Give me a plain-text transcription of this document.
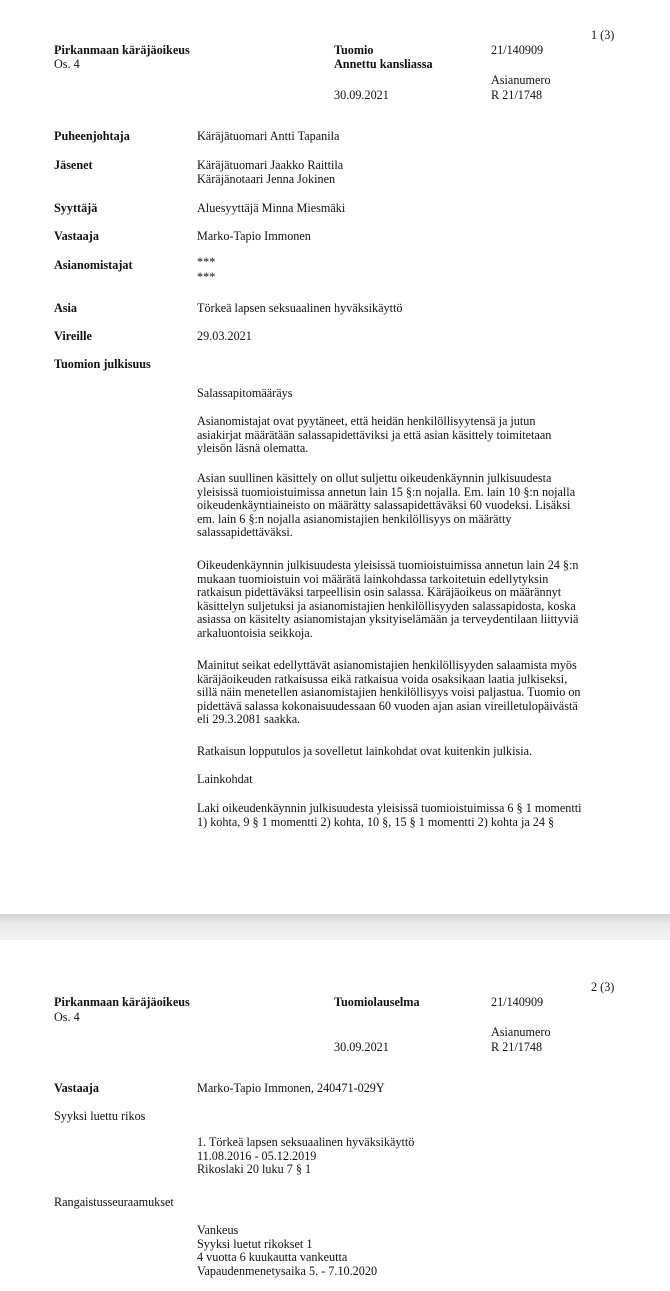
1 (3)
Pirkanmaan käräjäoikeus
Os. 4
Tuomio
Annettu kansliassa
21/140909
Asianumero
R 21/1748
30.09.2021
Puheenjohtaja	Käräjätuomari Antti Tapanila
Jäsenet	Käräjätuomari Jaakko Raittila
Käräjänotaari Jenna Jokinen
Syyttäjä	Aluesyyttäjä Minna Miesmäki
Vastaaja	Marko-Tapio Immonen
Asianomistajat	***
***
Asia	Törkeä lapsen seksuaalinen hyväksikäyttö
Vireille	29.03.2021
Tuomion julkisuus
Salassapitomääräys
Asianomistajat ovat pyytäneet, että heidän henkilöllisyytensä ja jutun
asiakirjat määrätään salassapidettäviksi ja että asian käsittely toimitetaan
yleisön läsnä olematta.
Asian suullinen käsittely on ollut suljettu oikeudenkäynnin julkisuudesta
yleisissä tuomioistuimissa annetun lain 15 §:n nojalla. Em. lain 10 §:n nojalla
oikeudenkäyntiaineisto on määrätty salassapidettäväksi 60 vuodeksi. Lisäksi
em. lain 6 §:n nojalla asianomistajien henkilöllisyys on määrätty
salassapidettäväksi.
Oikeudenkäynnin julkisuudesta yleisissä tuomioistuimissa annetun lain 24 §:n
mukaan tuomioistuin voi määrätä lainkohdassa tarkoitetuin edellytyksin
ratkaisun pidettäväksi tarpeellisin osin salassa. Käräjäoikeus on määrännyt
käsittelyn suljetuksi ja asianomistajien henkilöllisyyden salassapidosta, koska
asiassa on käsitelty asianomistajan yksityiselämään ja terveydentilaan liittyviä
arkaluontoisia seikkoja.
Mainitut seikat edellyttävät asianomistajien henkilöllisyyden salaamista myös
käräjäoikeuden ratkaisussa eikä ratkaisua voida osaksikaan laatia julkiseksi,
sillä näin menetellen asianomistajien henkilöllisyys voisi paljastua. Tuomio on
pidettävä salassa kokonaisuudessaan 60 vuoden ajan asian vireilletulopäivästä
eli 29.3.2081 saakka.
Ratkaisun lopputulos ja sovelletut lainkohdat ovat kuitenkin julkisia.
Lainkohdat
Laki oikeudenkäynnin julkisuudesta yleisissä tuomioistuimissa 6 § 1 momentti
1) kohta, 9 § 1 momentti 2) kohta, 10 §, 15 § 1 momentti 2) kohta ja 24 §
2 (3)
Pirkanmaan käräjäoikeus
Os. 4
Tuomiolauselma	21/140909
Asianumero
R 21/1748
30.09.2021
Vastaaja	Marko-Tapio Immonen, 240471-029Y
Syyksi luettu rikos
1. Törkeä lapsen seksuaalinen hyväksikäyttö
11.08.2016 - 05.12.2019
Rikoslaki 20 luku 7 § 1
Rangaistusseuraamukset
Vankeus
Syyksi luetut rikokset 1
4 vuotta 6 kuukautta vankeutta
Vapaudenmenetysaika 5. - 7.10.2020
